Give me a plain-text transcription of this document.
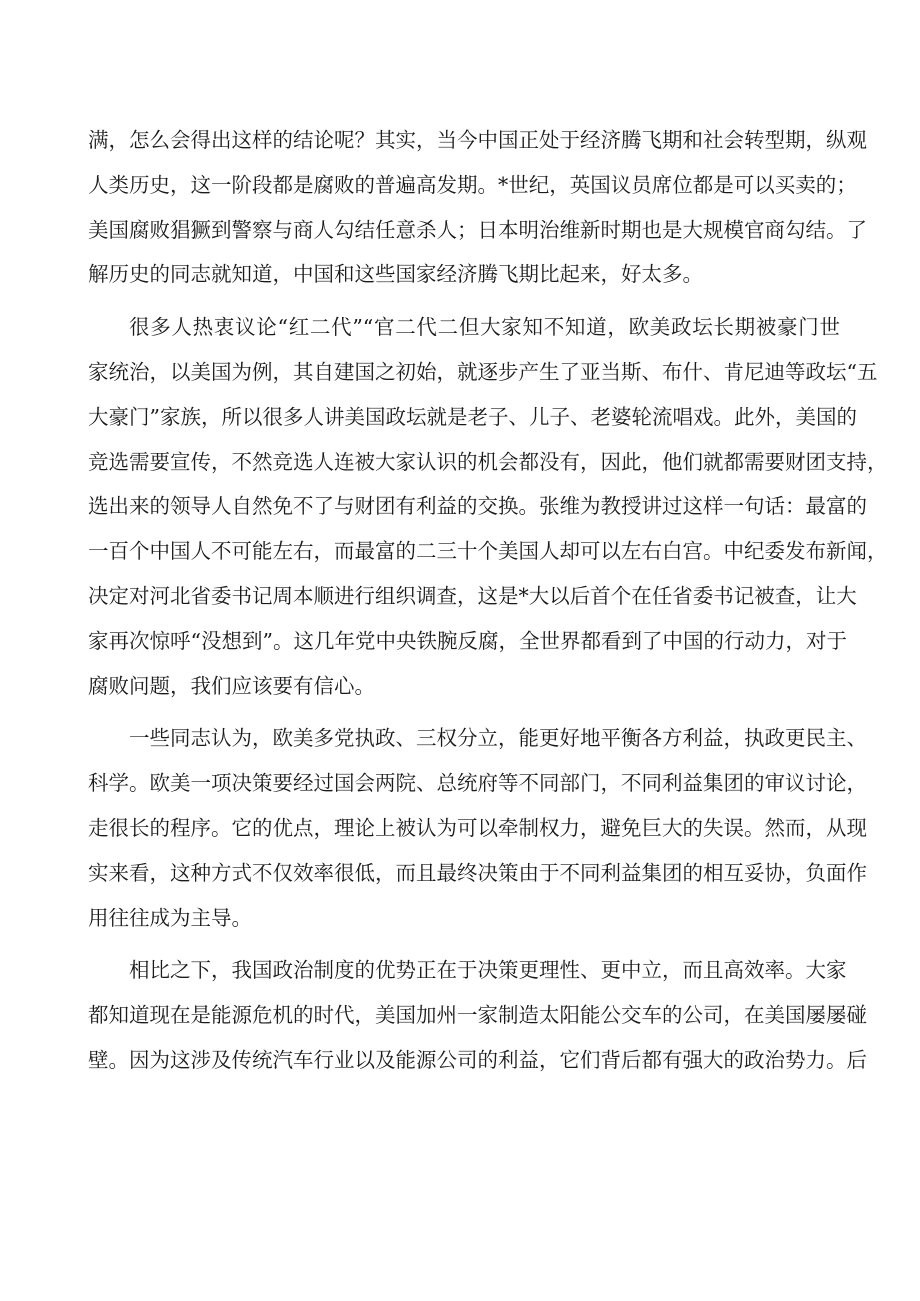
满，怎么会得出这样的结论呢？其实，当今中国正处于经济腾飞期和社会转型期，纵观
人类历史，这一阶段都是腐败的普遍高发期。*世纪，英国议员席位都是可以买卖的；
美国腐败猖獗到警察与商人勾结任意杀人；日本明治维新时期也是大规模官商勾结。了
解历史的同志就知道，中国和这些国家经济腾飞期比起来，好太多。
很多人热衷议论“红二代”“官二代二但大家知不知道，欧美政坛长期被豪门世
家统治，以美国为例，其自建国之初始，就逐步产生了亚当斯、布什、肯尼迪等政坛“五
大豪门”家族，所以很多人讲美国政坛就是老子、儿子、老婆轮流唱戏。此外，美国的
竞选需要宣传，不然竞选人连被大家认识的机会都没有，因此，他们就都需要财团支持，
选出来的领导人自然免不了与财团有利益的交换。张维为教授讲过这样一句话：最富的
一百个中国人不可能左右，而最富的二三十个美国人却可以左右白宫。中纪委发布新闻，
决定对河北省委书记周本顺进行组织调查，这是*大以后首个在任省委书记被查，让大
家再次惊呼“没想到”。这几年党中央铁腕反腐，全世界都看到了中国的行动力，对于
腐败问题，我们应该要有信心。
一些同志认为，欧美多党执政、三权分立，能更好地平衡各方利益，执政更民主、
科学。欧美一项决策要经过国会两院、总统府等不同部门，不同利益集团的审议讨论，
走很长的程序。它的优点，理论上被认为可以牵制权力，避免巨大的失误。然而，从现
实来看，这种方式不仅效率很低，而且最终决策由于不同利益集团的相互妥协，负面作
用往往成为主导。
相比之下，我国政治制度的优势正在于决策更理性、更中立，而且高效率。大家
都知道现在是能源危机的时代，美国加州一家制造太阳能公交车的公司，在美国屡屡碰
壁。因为这涉及传统汽车行业以及能源公司的利益，它们背后都有强大的政治势力。后
